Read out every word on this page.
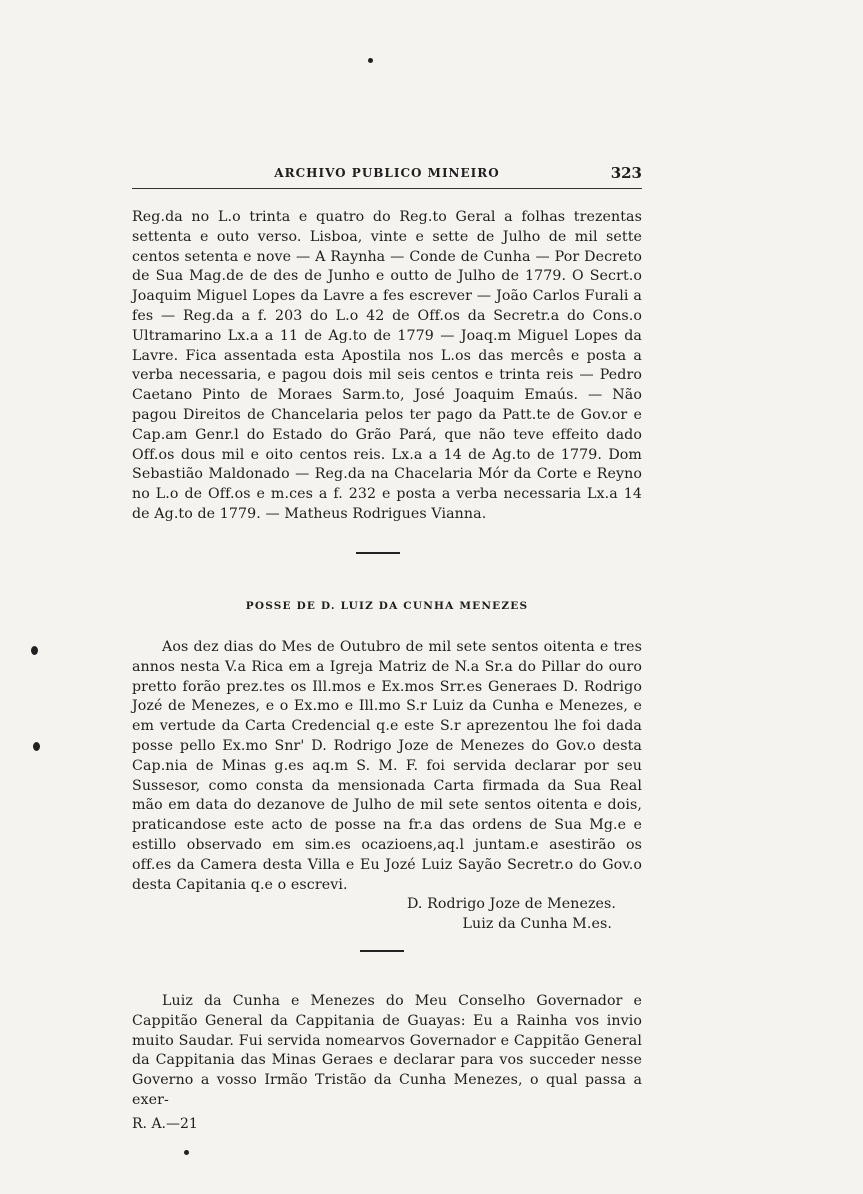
ARCHIVO PUBLICO MINEIRO	323

Reg.da no L.o trinta e quatro do Reg.to Geral a folhas trezentas settenta e outo verso. Lisboa, vinte e sette de Julho de mil sette centos setenta e nove — A Raynha — Conde de Cunha — Por Decreto de Sua Mag.de de des de Junho e outto de Julho de 1779. O Secrt.o Joaquim Miguel Lopes da Lavre a fes escrever — João Carlos Furali a fes — Reg.da a f. 203 do L.o 42 de Off.os da Secretr.a do Cons.o Ultramarino Lx.a a 11 de Ag.to de 1779 — Joaq.m Miguel Lopes da Lavre. Fica assentada esta Apostila nos L.os das mercês e posta a verba necessaria, e pagou dois mil seis centos e trinta reis — Pedro Caetano Pinto de Moraes Sarm.to, José Joaquim Emaús. — Não pagou Direitos de Chancelaria pelos ter pago da Patt.te de Gov.or e Cap.am Genr.l do Estado do Grão Pará, que não teve effeito dado Off.os dous mil e oito centos reis. Lx.a a 14 de Ag.to de 1779. Dom Sebastião Maldonado — Reg.da na Chacelaria Mór da Corte e Reyno no L.o de Off.os e m.ces a f. 232 e posta a verba necessaria Lx.a 14 de Ag.to de 1779. — Matheus Rodrigues Vianna.

POSSE DE D. LUIZ DA CUNHA MENEZES

Aos dez dias do Mes de Outubro de mil sete sentos oitenta e tres annos nesta V.a Rica em a Igreja Matriz de N.a Sr.a do Pillar do ouro pretto forão prez.tes os Ill.mos e Ex.mos Srr.es Generaes D. Rodrigo Jozé de Menezes, e o Ex.mo e Ill.mo S.r Luiz da Cunha e Menezes, e em vertude da Carta Credencial q.e este S.r aprezentou lhe foi dada posse pello Ex.mo Snr' D. Rodrigo Joze de Menezes do Gov.o desta Cap.nia de Minas g.es aq.m S. M. F. foi servida declarar por seu Sussesor, como consta da mensionada Carta firmada da Sua Real mão em data do dezanove de Julho de mil sete sentos oitenta e dois, praticandose este acto de posse na fr.a das ordens de Sua Mg.e e estillo observado em sim.es ocazioens,aq.l juntam.e asestirão os off.es da Camera desta Villa e Eu Jozé Luiz Sayão Secretr.o do Gov.o desta Capitania q.e o escrevi.

D. Rodrigo Joze de Menezes.

Luiz da Cunha M.es.

Luiz da Cunha e Menezes do Meu Conselho Governador e Cappitão General da Cappitania de Guayas: Eu a Rainha vos invio muito Saudar. Fui servida nomearvos Governador e Cappitão General da Cappitania das Minas Geraes e declarar para vos succeder nesse Governo a vosso Irmão Tristão da Cunha Menezes, o qual passa a exer-

R. A.—21
